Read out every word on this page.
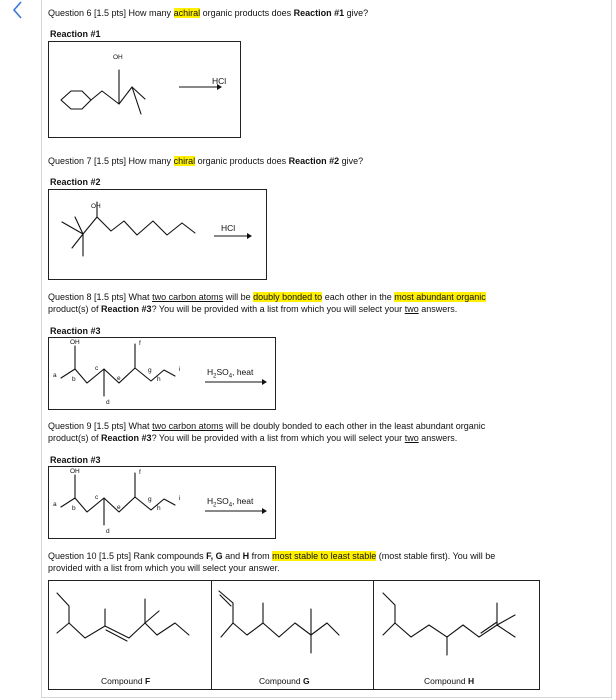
Question 6 [1.5 pts] How many achiral organic products does Reaction #1 give?
Reaction #1
OH
HCl
Question 7 [1.5 pts] How many chiral organic products does Reaction #2 give?
Reaction #2
OH
HCl
Question 8 [1.5 pts] What two carbon atoms will be doubly bonded to each other in the most abundant organic
product(s) of Reaction #3? You will be provided with a list from which you will select your two answers.
Reaction #3
OH
a
b
c
d
e
f
g
h
i	$H_2SO_4$, heat
Question 9 [1.5 pts] What two carbon atoms will be doubly bonded to each other in the least abundant organic
product(s) of Reaction #3? You will be provided with a list from which you will select your two answers.
Reaction #3
OH
a
b
c
d
e
f
g
h
i	$H_2SO_4$, heat
Question 10 [1.5 pts] Rank compounds F, G and H from most stable to least stable (most stable first). You will be
provided with a list from which you will select your answer.
Compound F	Compound G	Compound H
